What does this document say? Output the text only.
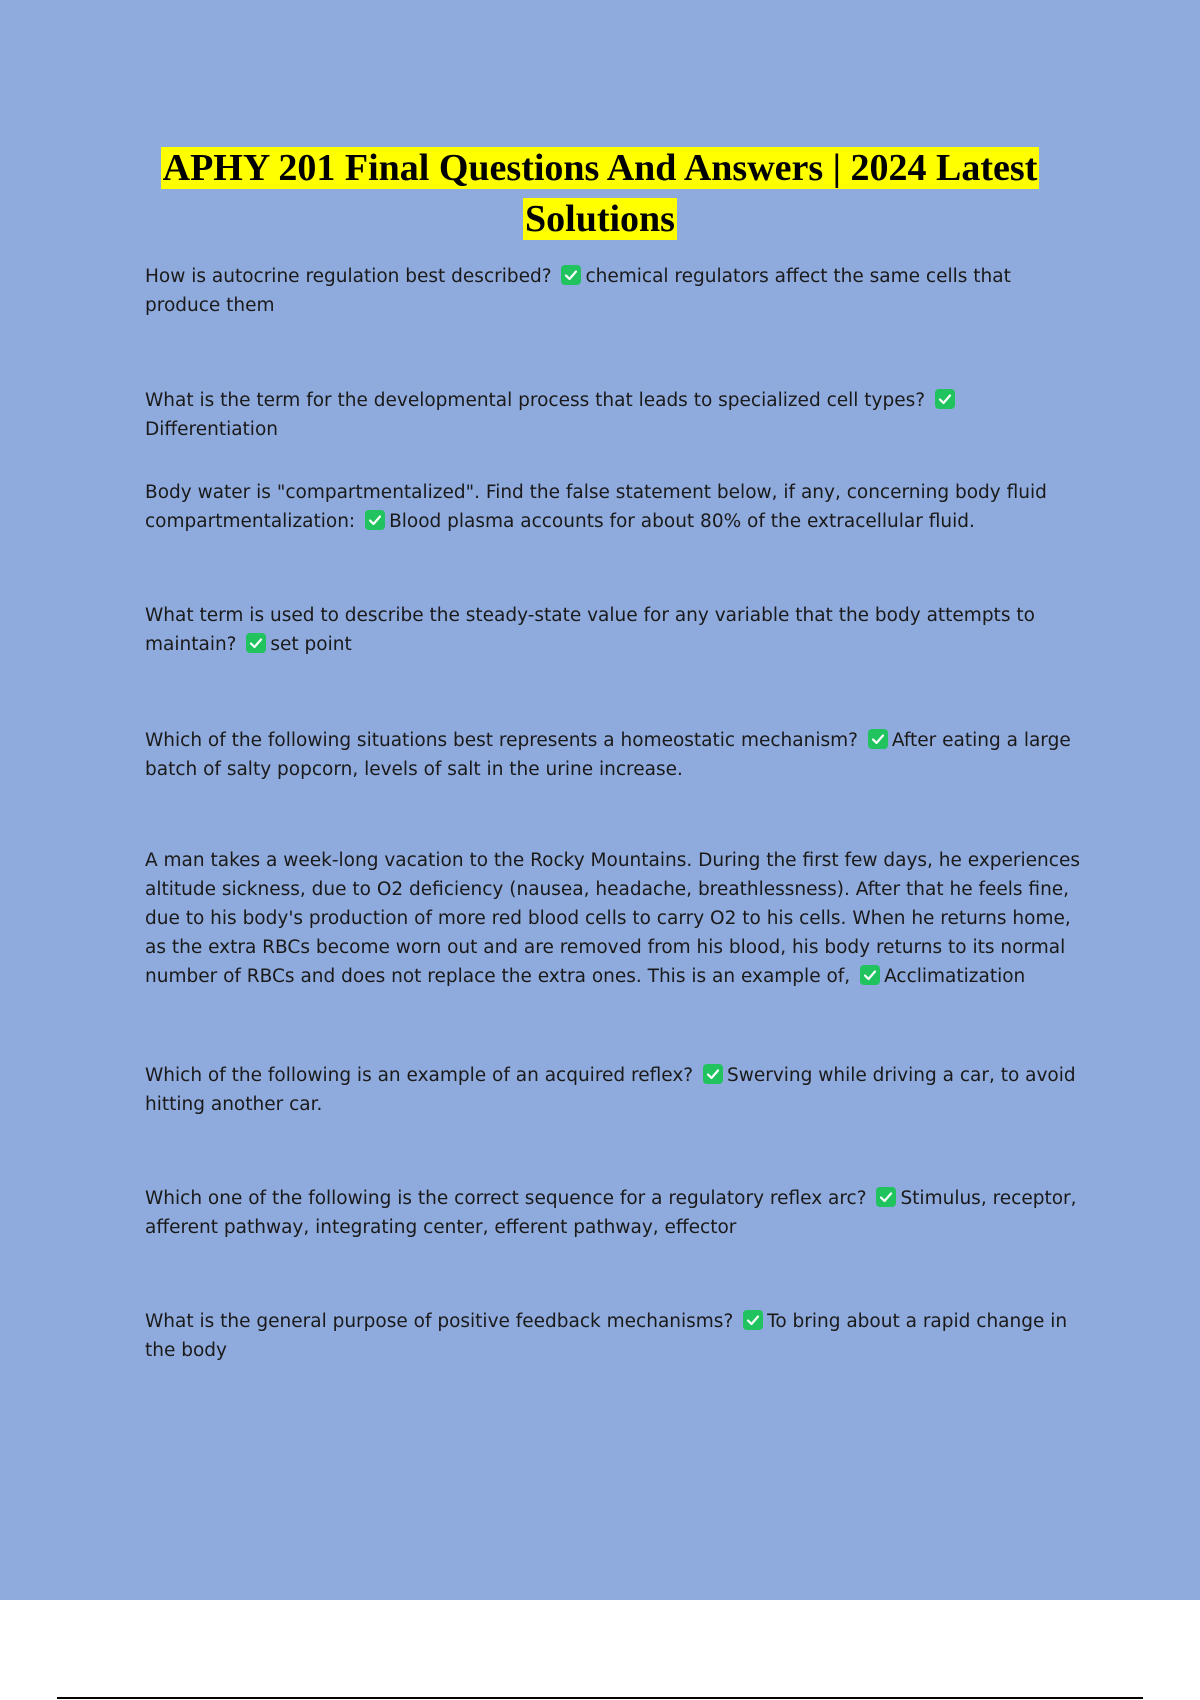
APHY 201 Final Questions And Answers | 2024 Latest
Solutions
How is autocrine regulation best described? chemical regulators affect the same cells that produce them
What is the term for the developmental process that leads to specialized cell types?
Differentiation
Body water is "compartmentalized". Find the false statement below, if any, concerning body fluid compartmentalization: Blood plasma accounts for about 80% of the extracellular fluid.
What term is used to describe the steady-state value for any variable that the body attempts to maintain? set point
Which of the following situations best represents a homeostatic mechanism? After eating a large batch of salty popcorn, levels of salt in the urine increase.
A man takes a week-long vacation to the Rocky Mountains. During the first few days, he experiences altitude sickness, due to O2 deficiency (nausea, headache, breathlessness). After that he feels fine, due to his body's production of more red blood cells to carry O2 to his cells. When he returns home, as the extra RBCs become worn out and are removed from his blood, his body returns to its normal number of RBCs and does not replace the extra ones. This is an example of, Acclimatization
Which of the following is an example of an acquired reflex? Swerving while driving a car, to avoid hitting another car.
Which one of the following is the correct sequence for a regulatory reflex arc? Stimulus, receptor, afferent pathway, integrating center, efferent pathway, effector
What is the general purpose of positive feedback mechanisms? To bring about a rapid change in the body
